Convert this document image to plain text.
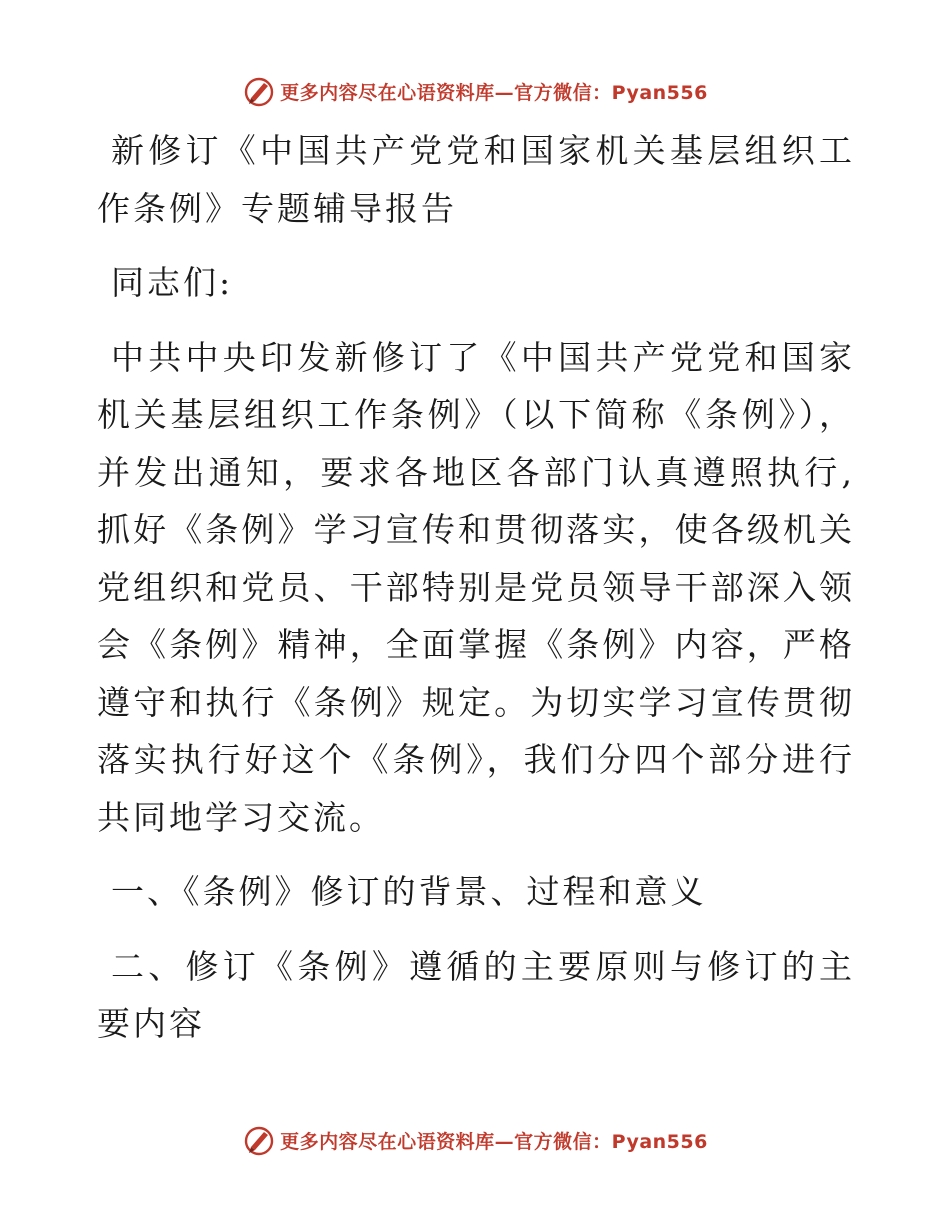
更多内容尽在心语资料库—官方微信：Pyan556

新修订《中国共产党党和国家机关基层组织工作条例》专题辅导报告

同志们:

中共中央印发新修订了《中国共产党党和国家机关基层组织工作条例》（以下简称《条例》），并发出通知，要求各地区各部门认真遵照执行,抓好《条例》学习宣传和贯彻落实，使各级机关党组织和党员、干部特别是党员领导干部深入领会《条例》精神，全面掌握《条例》内容，严格遵守和执行《条例》规定。为切实学习宣传贯彻落实执行好这个《条例》，我们分四个部分进行共同地学习交流。

一、《条例》修订的背景、过程和意义

二、修订《条例》遵循的主要原则与修订的主要内容

更多内容尽在心语资料库—官方微信：Pyan556
